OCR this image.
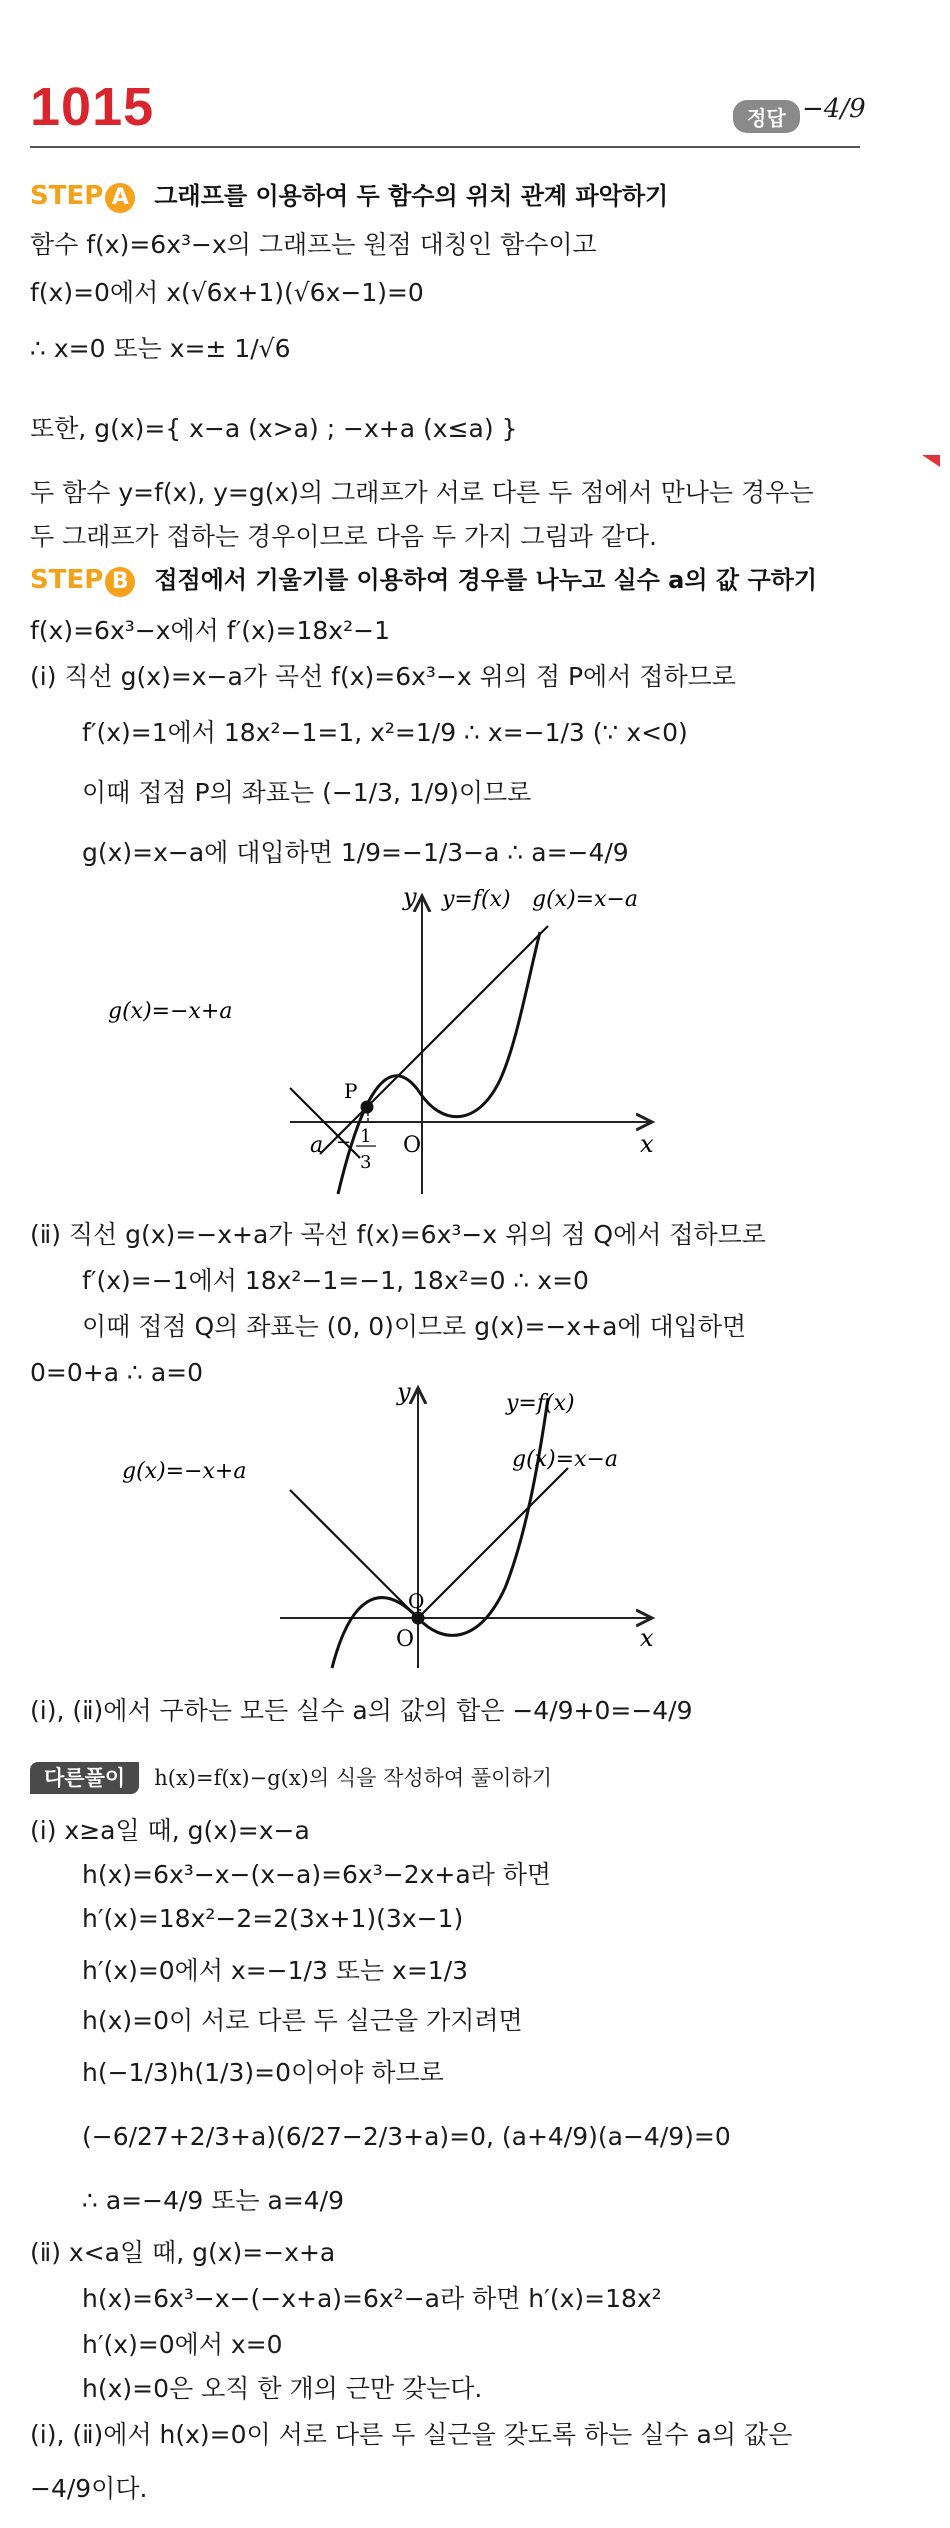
1015	정답 −4/9
STEP A 그래프를 이용하여 두 함수의 위치 관계 파악하기
함수 f(x)=6x³−x의 그래프는 원점 대칭인 함수이고
f(x)=0에서 x(√6x+1)(√6x−1)=0
∴ x=0 또는 x=± 1/√6
또한, g(x)={ x−a (x>a) ; −x+a (x≤a) }
두 함수 y=f(x), y=g(x)의 그래프가 서로 다른 두 점에서 만나는 경우는
두 그래프가 접하는 경우이므로 다음 두 가지 그림과 같다.
STEP B 접점에서 기울기를 이용하여 경우를 나누고 실수 a의 값 구하기
f(x)=6x³−x에서 f′(x)=18x²−1
(ⅰ) 직선 g(x)=x−a가 곡선 f(x)=6x³−x 위의 점 P에서 접하므로
f′(x)=1에서 18x²−1=1, x²=1/9 ∴ x=−1/3 (∵ x<0)
이때 접점 P의 좌표는 (−1/3, 1/9)이므로
g(x)=x−a에 대입하면 1/9=−1/3−a ∴ a=−4/9
y
x
O
y=f(x) g(x)=x−a
g(x)=−x+a
P
a − 1
3
(ⅱ) 직선 g(x)=−x+a가 곡선 f(x)=6x³−x 위의 점 Q에서 접하므로
f′(x)=−1에서 18x²−1=−1, 18x²=0 ∴ x=0
이때 접점 Q의 좌표는 (0, 0)이므로 g(x)=−x+a에 대입하면
0=0+a ∴ a=0
y
x
O
y=f(x)
g(x)=x−a
g(x)=−x+a
Q
(ⅰ), (ⅱ)에서 구하는 모든 실수 a의 값의 합은 −4/9+0=−4/9
다른풀이 h(x)=f(x)−g(x)의 식을 작성하여 풀이하기
(ⅰ) x≥a일 때, g(x)=x−a
h(x)=6x³−x−(x−a)=6x³−2x+a라 하면
h′(x)=18x²−2=2(3x+1)(3x−1)
h′(x)=0에서 x=−1/3 또는 x=1/3
h(x)=0이 서로 다른 두 실근을 가지려면
h(−1/3)h(1/3)=0이어야 하므로
(−6/27+2/3+a)(6/27−2/3+a)=0, (a+4/9)(a−4/9)=0
∴ a=−4/9 또는 a=4/9
(ⅱ) x<a일 때, g(x)=−x+a
h(x)=6x³−x−(−x+a)=6x²−a라 하면 h′(x)=18x²
h′(x)=0에서 x=0
h(x)=0은 오직 한 개의 근만 갖는다.
(ⅰ), (ⅱ)에서 h(x)=0이 서로 다른 두 실근을 갖도록 하는 실수 a의 값은
−4/9이다.
